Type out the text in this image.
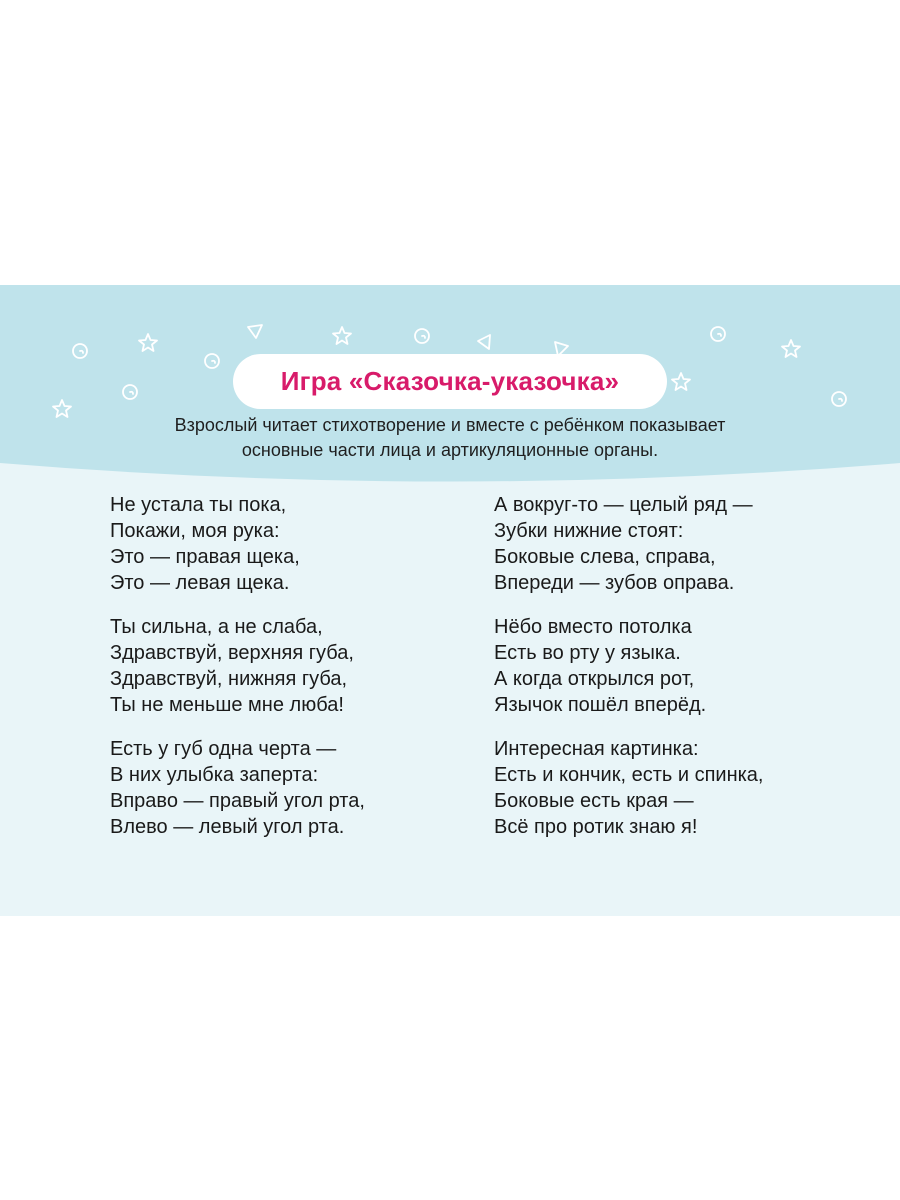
Игра «Сказочка-указочка»
Взрослый читает стихотворение и вместе с ребёнком показывает
основные части лица и артикуляционные органы.
Не устала ты пока,
Покажи, моя рука:
Это — правая щека,
Это — левая щека.
Ты сильна, а не слаба,
Здравствуй, верхняя губа,
Здравствуй, нижняя губа,
Ты не меньше мне люба!
Есть у губ одна черта —
В них улыбка заперта:
Вправо — правый угол рта,
Влево — левый угол рта.
А вокруг-то — целый ряд —
Зубки нижние стоят:
Боковые слева, справа,
Впереди — зубов оправа.
Нёбо вместо потолка
Есть во рту у языка.
А когда открылся рот,
Язычок пошёл вперёд.
Интересная картинка:
Есть и кончик, есть и спинка,
Боковые есть края —
Всё про ротик знаю я!
